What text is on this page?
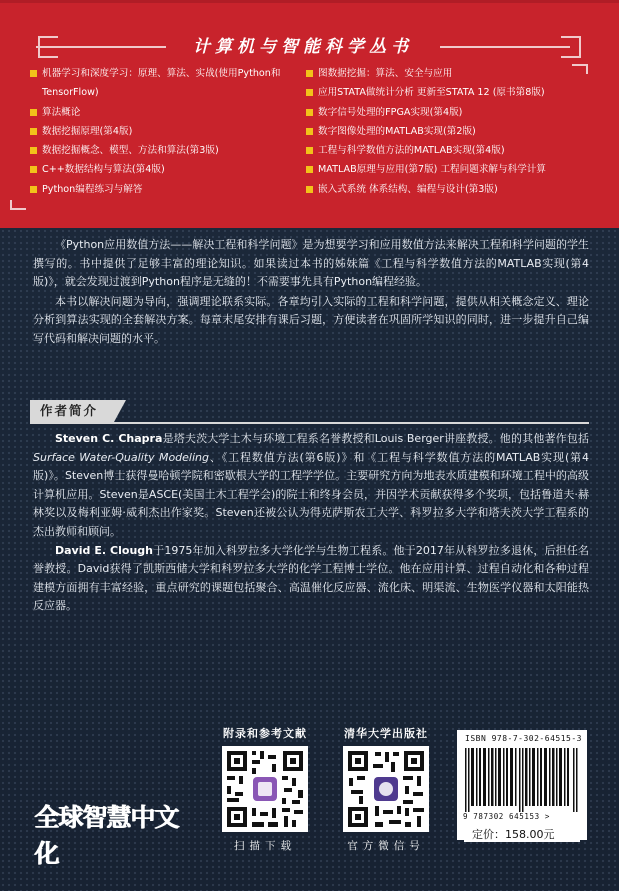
计算机与智能科学丛书
机器学习和深度学习：原理、算法、实战(使用Python和 TensorFlow)
算法概论
数据挖掘原理(第4版)
数据挖掘概念、模型、方法和算法(第3版)
C++数据结构与算法(第4版)
Python编程练习与解答
图数据挖掘：算法、安全与应用
应用STATA做统计分析 更新至STATA 12 (原书第8版)
数字信号处理的FPGA实现(第4版)
数字图像处理的MATLAB实现(第2版)
工程与科学数值方法的MATLAB实现(第4版)
MATLAB原理与应用(第7版) 工程问题求解与科学计算
嵌入式系统 体系结构、编程与设计(第3版)

《Python应用数值方法——解决工程和科学问题》是为想要学习和应用数值方法来解决工程和科学问题的学生撰写的。书中提供了足够丰富的理论知识。如果读过本书的姊妹篇《工程与科学数值方法的MATLAB实现(第4版)》，就会发现过渡到Python程序是无缝的！不需要事先具有Python编程经验。

本书以解决问题为导向，强调理论联系实际。各章均引入实际的工程和科学问题，提供从相关概念定义、理论分析到算法实现的全套解决方案。每章末尾安排有课后习题，方便读者在巩固所学知识的同时，进一步提升自己编写代码和解决问题的水平。

作者简介

Steven C. Chapra是塔夫茨大学土木与环境工程系名誉教授和Louis Berger讲座教授。他的其他著作包括Surface Water-Quality Modeling、《工程数值方法(第6版)》和《工程与科学数值方法的MATLAB实现(第4版)》。Steven博士获得曼哈顿学院和密歇根大学的工程学学位。主要研究方向为地表水质建模和环境工程中的高级计算机应用。Steven是ASCE(美国土木工程学会)的院士和终身会员，并因学术贡献获得多个奖项，包括鲁道夫·赫林奖以及梅利亚姆·威利杰出作家奖。Steven还被公认为得克萨斯农工大学、科罗拉多大学和塔夫茨大学工程系的杰出教师和顾问。

David E. Clough于1975年加入科罗拉多大学化学与生物工程系。他于2017年从科罗拉多退休，后担任名誉教授。David获得了凯斯西储大学和科罗拉多大学的化学工程博士学位。他在应用计算、过程自动化和各种过程建模方面拥有丰富经验，重点研究的课题包括聚合、高温催化反应器、流化床、明渠流、生物医学仪器和太阳能热反应器。

附录和参考文献
扫描下载
清华大学出版社
官方微信号
全球智慧中文化
ISBN 978-7-302-64515-3
9 787302 645153 >
定价：158.00元
